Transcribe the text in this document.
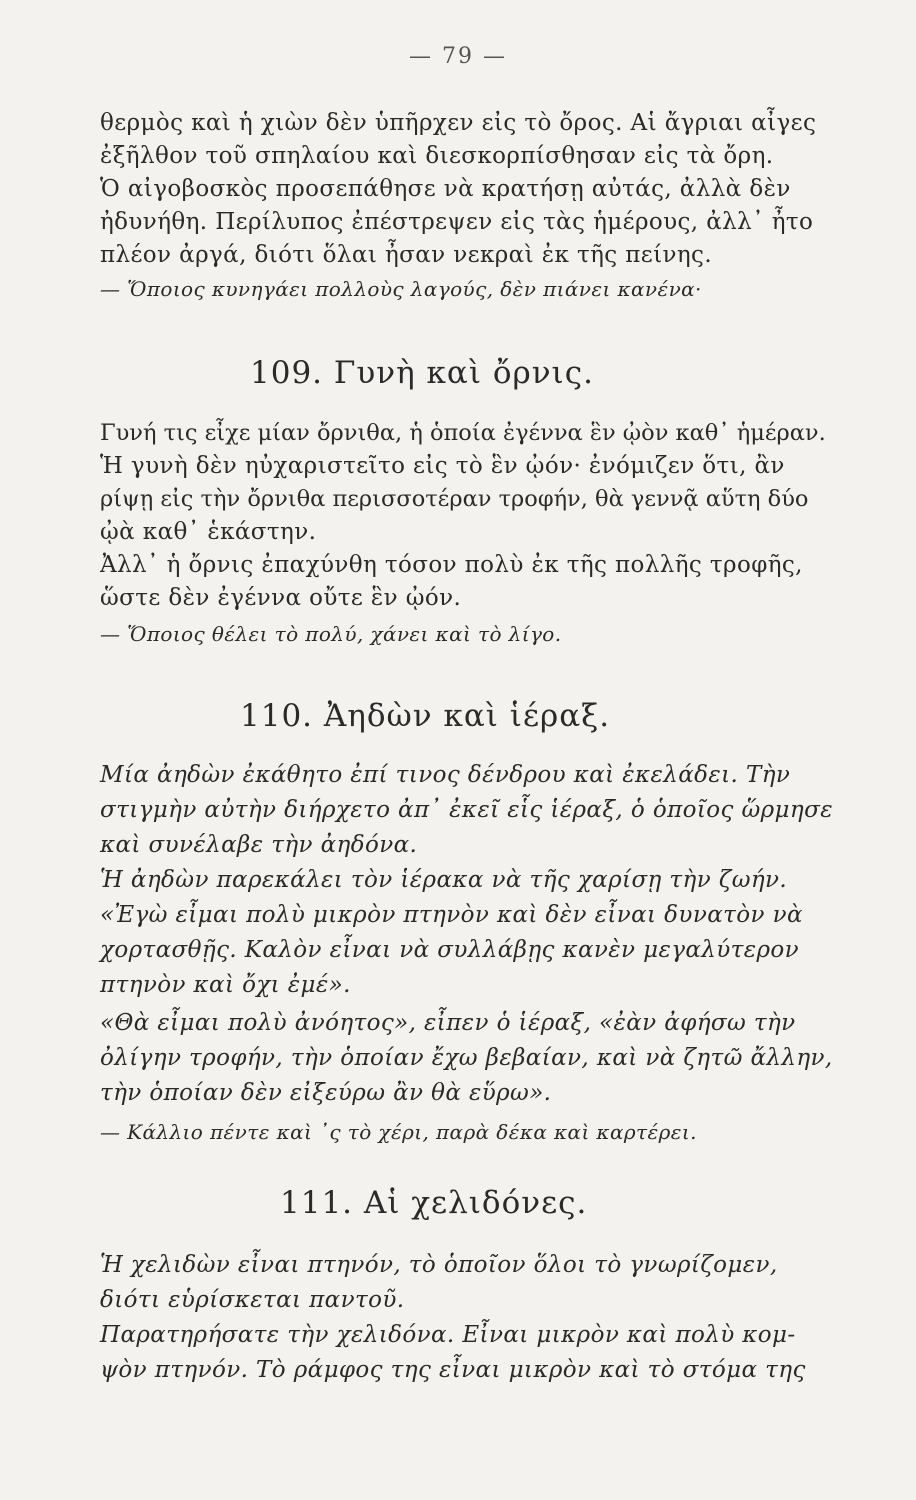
— 79 —
θερμὸς καὶ ἡ χιὼν δὲν ὑπῆρχεν εἰς τὸ ὄρος. Αἱ ἄγριαι αἶγες
ἐξῆλθον τοῦ σπηλαίου καὶ διεσκορπίσθησαν εἰς τὰ ὄρη.
Ὁ αἰγοβοσκὸς προσεπάθησε νὰ κρατήσῃ αὐτάς, ἀλλὰ δὲν
ἠδυνήθη. Περίλυπος ἐπέστρεψεν εἰς τὰς ἡμέρους, ἀλλ᾽ ἦτο
πλέον ἀργά, διότι ὅλαι ἦσαν νεκραὶ ἐκ τῆς πείνης.
— Ὅποιος κυνηγάει πολλοὺς λαγούς, δὲν πιάνει κανένα·
109. Γυνὴ καὶ ὄρνις.
Γυνή τις εἶχε μίαν ὄρνιθα, ἡ ὁποία ἐγέννα ἓν ᾠὸν καθ᾽ ἡμέραν.
Ἡ γυνὴ δὲν ηὐχαριστεῖτο εἰς τὸ ἓν ᾠόν· ἐνόμιζεν ὅτι, ἂν
ρίψῃ εἰς τὴν ὄρνιθα περισσοτέραν τροφήν, θὰ γεννᾷ αὕτη δύο
ᾠὰ καθ᾽ ἑκάστην.
Ἀλλ᾽ ἡ ὄρνις ἐπαχύνθη τόσον πολὺ ἐκ τῆς πολλῆς τροφῆς,
ὥστε δὲν ἐγέννα οὔτε ἓν ᾠόν.
— Ὅποιος θέλει τὸ πολύ, χάνει καὶ τὸ λίγο.
110. Ἀηδὼν καὶ ἱέραξ.
Μία ἀηδὼν ἐκάθητο ἐπί τινος δένδρου καὶ ἐκελάδει. Τὴν
στιγμὴν αὐτὴν διήρχετο ἀπ᾽ ἐκεῖ εἷς ἱέραξ, ὁ ὁποῖος ὥρμησε
καὶ συνέλαβε τὴν ἀηδόνα.
Ἡ ἀηδὼν παρεκάλει τὸν ἱέρακα νὰ τῆς χαρίσῃ τὴν ζωήν.
«Ἐγὼ εἶμαι πολὺ μικρὸν πτηνὸν καὶ δὲν εἶναι δυνατὸν νὰ
χορτασθῇς. Καλὸν εἶναι νὰ συλλάβῃς κανὲν μεγαλύτερον
πτηνὸν καὶ ὄχι ἐμέ».
«Θὰ εἶμαι πολὺ ἀνόητος», εἶπεν ὁ ἱέραξ, «ἐὰν ἀφήσω τὴν
ὀλίγην τροφήν, τὴν ὁποίαν ἔχω βεβαίαν, καὶ νὰ ζητῶ ἄλλην,
τὴν ὁποίαν δὲν εἰξεύρω ἂν θὰ εὕρω».
— Κάλλιο πέντε καὶ ᾿ς τὸ χέρι, παρὰ δέκα καὶ καρτέρει.
111. Αἱ χελιδόνες.
Ἡ χελιδὼν εἶναι πτηνόν, τὸ ὁποῖον ὅλοι τὸ γνωρίζομεν,
διότι εὑρίσκεται παντοῦ.
Παρατηρήσατε τὴν χελιδόνα. Εἶναι μικρὸν καὶ πολὺ κομ-
ψὸν πτηνόν. Τὸ ράμφος της εἶναι μικρὸν καὶ τὸ στόμα της
